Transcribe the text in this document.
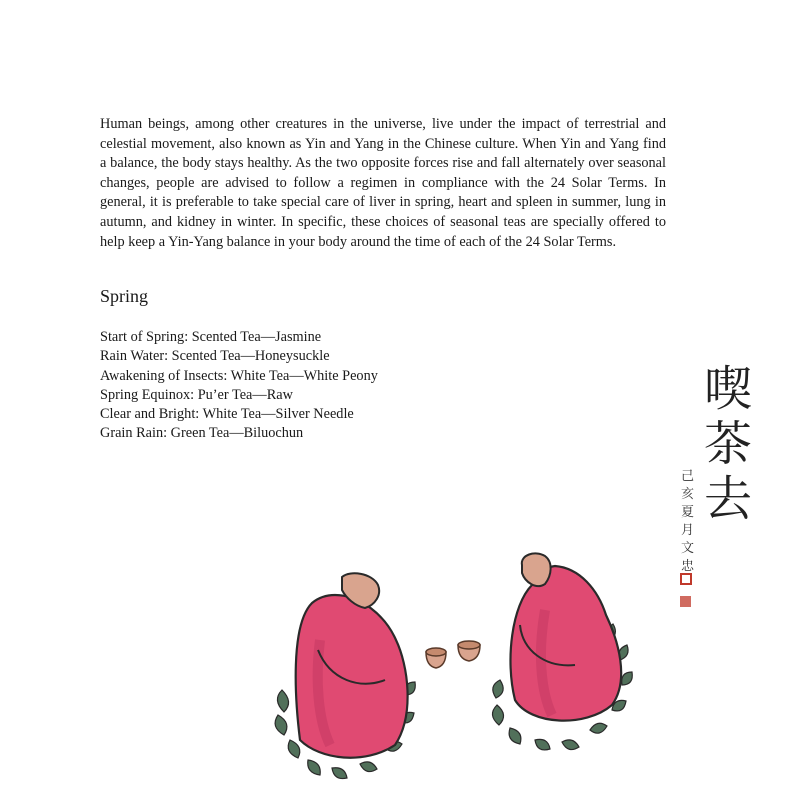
Human beings, among other creatures in the universe, live under the impact of terrestrial and celestial movement, also known as Yin and Yang in the Chinese culture. When Yin and Yang find a balance, the body stays healthy. As the two opposite forces rise and fall alternately over seasonal changes, people are advised to follow a regimen in compliance with the 24 Solar Terms. In general, it is preferable to take special care of liver in spring, heart and spleen in summer, lung in autumn, and kidney in winter. In specific, these choices of seasonal teas are specially offered to help keep a Yin-Yang balance in your body around the time of each of the 24 Solar Terms.

Spring
Start of Spring: Scented Tea—Jasmine
Rain Water: Scented Tea—Honeysuckle
Awakening of Insects: White Tea—White Peony
Spring Equinox: Pu’er Tea—Raw
Clear and Bright: White Tea—Silver Needle
Grain Rain: Green Tea—Biluochun	茶
去
喫
己
亥
夏
月
文
忠
